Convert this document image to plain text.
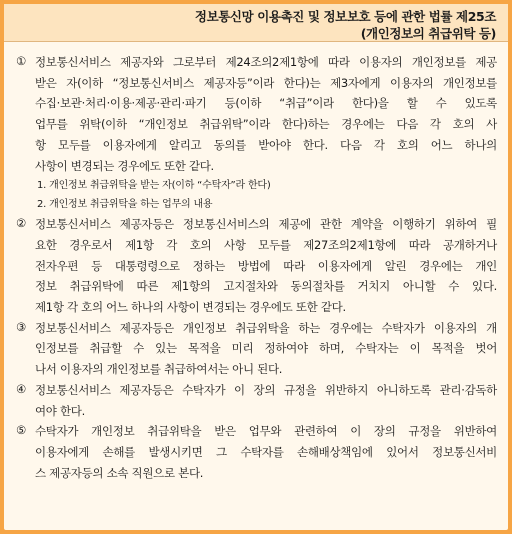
정보통신망 이용촉진 및 정보보호 등에 관한 법률 제25조
(개인정보의 취급위탁 등)
① 정보통신서비스 제공자와 그로부터 제24조의2제1항에 따라 이용자의 개인정보를 제공
받은 자(이하 “정보통신서비스 제공자등”이라 한다)는 제3자에게 이용자의 개인정보를
수집·보관·처리·이용·제공·관리·파기 등(이하 “취급”이라 한다)을 할 수 있도록
업무를 위탁(이하 “개인정보 취급위탁”이라 한다)하는 경우에는 다음 각 호의 사
항 모두를 이용자에게 알리고 동의를 받아야 한다. 다음 각 호의 어느 하나의
사항이 변경되는 경우에도 또한 같다.
1. 개인정보 취급위탁을 받는 자(이하 “수탁자”라 한다)
2. 개인정보 취급위탁을 하는 업무의 내용
② 정보통신서비스 제공자등은 정보통신서비스의 제공에 관한 계약을 이행하기 위하여 필
요한 경우로서 제1항 각 호의 사항 모두를 제27조의2제1항에 따라 공개하거나
전자우편 등 대통령령으로 정하는 방법에 따라 이용자에게 알린 경우에는 개인
정보 취급위탁에 따른 제1항의 고지절차와 동의절차를 거치지 아니할 수 있다.
제1항 각 호의 어느 하나의 사항이 변경되는 경우에도 또한 같다.
③ 정보통신서비스 제공자등은 개인정보 취급위탁을 하는 경우에는 수탁자가 이용자의 개
인정보를 취급할 수 있는 목적을 미리 정하여야 하며, 수탁자는 이 목적을 벗어
나서 이용자의 개인정보를 취급하여서는 아니 된다.
④ 정보통신서비스 제공자등은 수탁자가 이 장의 규정을 위반하지 아니하도록 관리·감독하
여야 한다.
⑤ 수탁자가 개인정보 취급위탁을 받은 업무와 관련하여 이 장의 규정을 위반하여
이용자에게 손해를 발생시키면 그 수탁자를 손해배상책임에 있어서 정보통신서비
스 제공자등의 소속 직원으로 본다.
